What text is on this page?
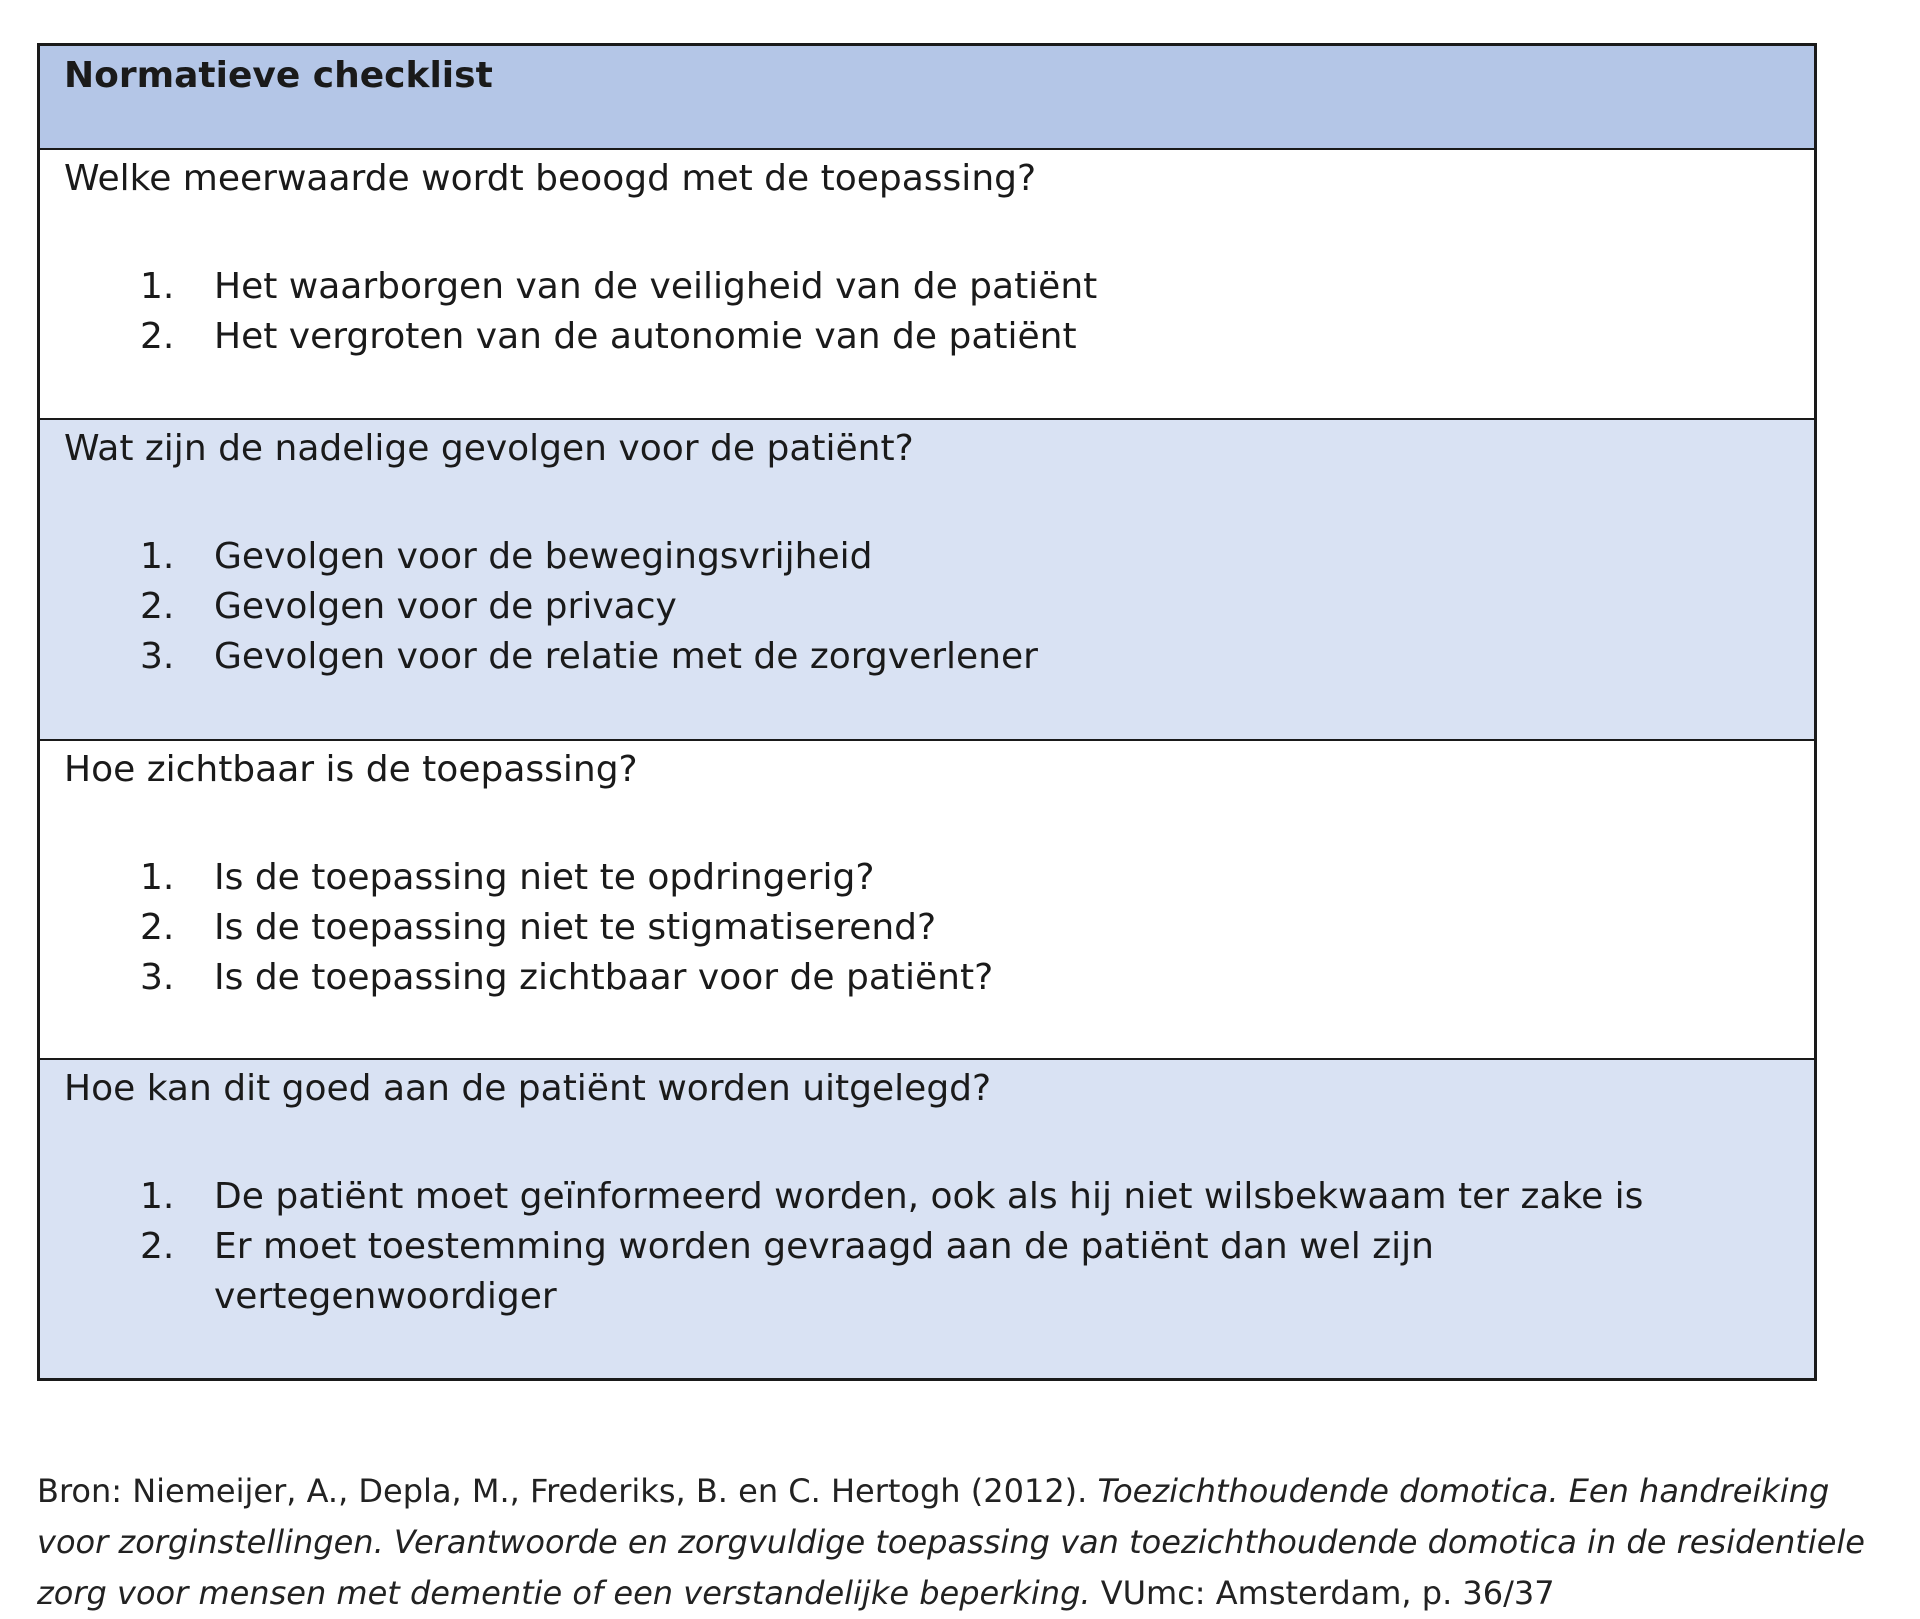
Normatieve checklist
Welke meerwaarde wordt beoogd met de toepassing?
1.	Het waarborgen van de veiligheid van de patiënt
2.	Het vergroten van de autonomie van de patiënt
Wat zijn de nadelige gevolgen voor de patiënt?
1.	Gevolgen voor de bewegingsvrijheid
2.	Gevolgen voor de privacy
3.	Gevolgen voor de relatie met de zorgverlener
Hoe zichtbaar is de toepassing?
1.	Is de toepassing niet te opdringerig?
2.	Is de toepassing niet te stigmatiserend?
3.	Is de toepassing zichtbaar voor de patiënt?
Hoe kan dit goed aan de patiënt worden uitgelegd?
1.	De patiënt moet geïnformeerd worden, ook als hij niet wilsbekwaam ter zake is
2.	Er moet toestemming worden gevraagd aan de patiënt dan wel zijn vertegenwoordiger

Bron: Niemeijer, A., Depla, M., Frederiks, B. en C. Hertogh (2012). Toezichthoudende domotica. Een handreiking voor zorginstellingen. Verantwoorde en zorgvuldige toepassing van toezichthoudende domotica in de residentiele zorg voor mensen met dementie of een verstandelijke beperking. VUmc: Amsterdam, p. 36/37
